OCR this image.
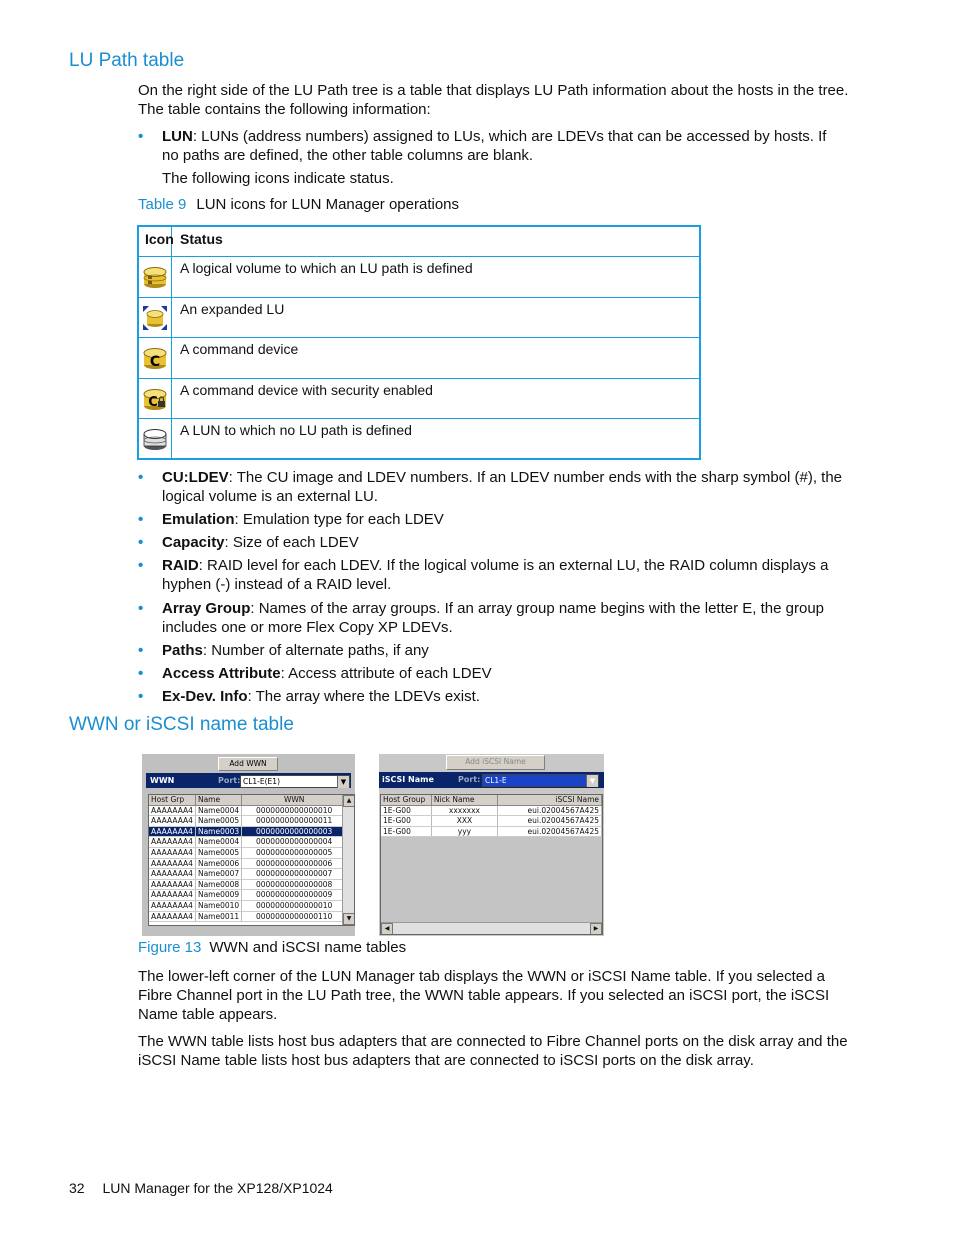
LU Path table
On the right side of the LU Path tree is a table that displays LU Path information about the hosts in the tree. The table contains the following information:
• LUN: LUNs (address numbers) assigned to LUs, which are LDEVs that can be accessed by hosts. If no paths are defined, the other table columns are blank.
The following icons indicate status.
Table 9 LUN icons for LUN Manager operations
Icon Status
A logical volume to which an LU path is defined
An expanded LU
C
A command device
C
A command device with security enabled
A LUN to which no LU path is defined
• CU:LDEV: The CU image and LDEV numbers. If an LDEV number ends with the sharp symbol (#), the logical volume is an external LU.
• Emulation: Emulation type for each LDEV
• Capacity: Size of each LDEV
• RAID: RAID level for each LDEV. If the logical volume is an external LU, the RAID column displays a hyphen (-) instead of a RAID level.
• Array Group: Names of the array groups. If an array group name begins with the letter E, the group includes one or more Flex Copy XP LDEVs.
• Paths: Number of alternate paths, if any
• Access Attribute: Access attribute of each LDEV
• Ex-Dev. Info: The array where the LDEVs exist.
WWN or iSCSI name table
Add WWN
WWN	Port: CL1-E(E1)	▼
Host Grp	Name	WWN
AAAAAAA4	Name0004	0000000000000010
AAAAAAA4	Name0005	0000000000000011
AAAAAAA4	Name0003	0000000000000003
AAAAAAA4	Name0004	0000000000000004
AAAAAAA4	Name0005	0000000000000005
AAAAAAA4	Name0006	0000000000000006
AAAAAAA4	Name0007	0000000000000007
AAAAAAA4	Name0008	0000000000000008
AAAAAAA4	Name0009	0000000000000009
AAAAAAA4	Name0010	0000000000000010
AAAAAAA4	Name0011	0000000000000110
▲
▼
Add iSCSI Name
iSCSI Name	Port: CL1-E	▼
Host Group	Nick Name	iSCSI Name
1E-G00	xxxxxxx	eui.02004567A425
1E-G00	XXX	eui.02004567A425
1E-G00	yyy	eui.02004567A425
◀	▶
Figure 13 WWN and iSCSI name tables
The lower-left corner of the LUN Manager tab displays the WWN or iSCSI Name table. If you selected a Fibre Channel port in the LU Path tree, the WWN table appears. If you selected an iSCSI port, the iSCSI Name table appears.
The WWN table lists host bus adapters that are connected to Fibre Channel ports on the disk array and the iSCSI Name table lists host bus adapters that are connected to iSCSI ports on the disk array.
32 LUN Manager for the XP128/XP1024
